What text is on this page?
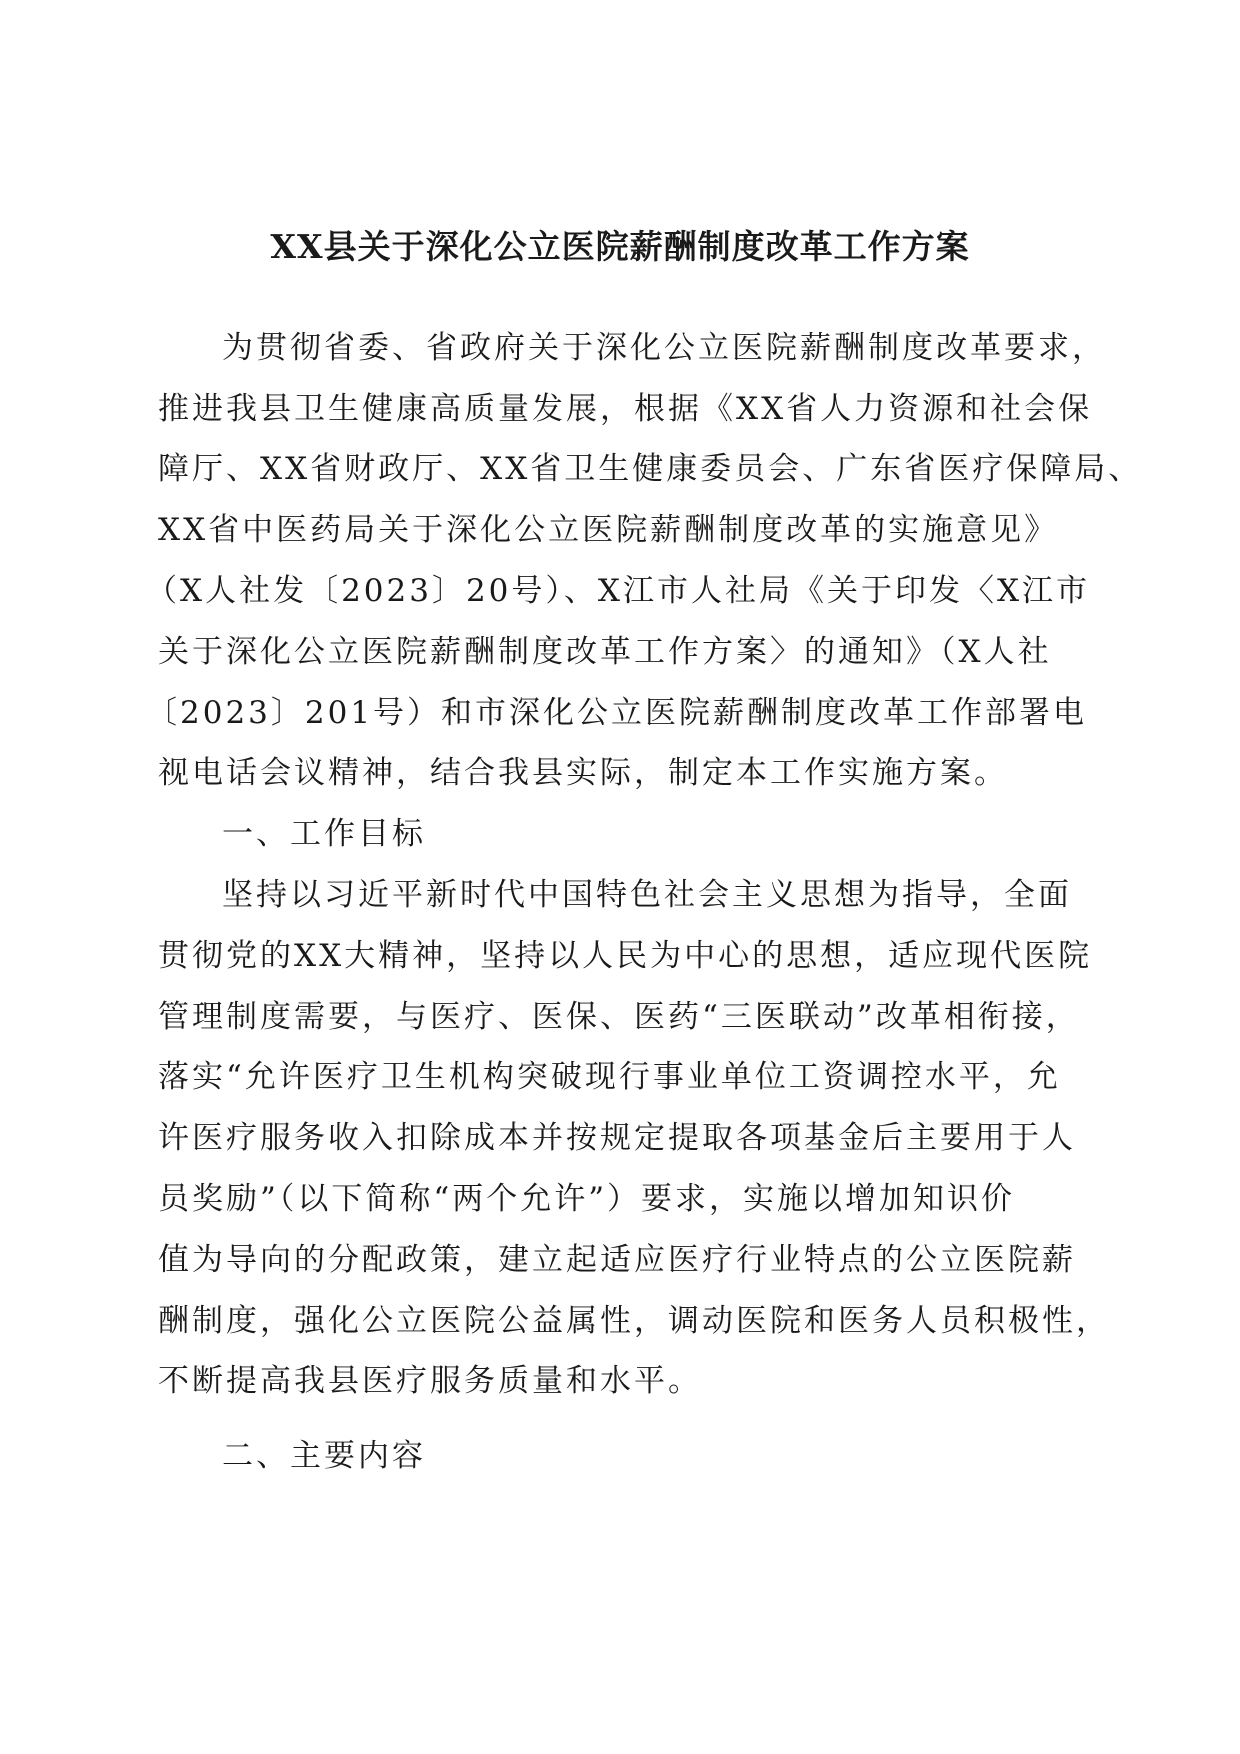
XX县关于深化公立医院薪酬制度改革工作方案
为贯彻省委、省政府关于深化公立医院薪酬制度改革要求，
推进我县卫生健康高质量发展，根据《XX省人力资源和社会保
障厅、XX省财政厅、XX省卫生健康委员会、广东省医疗保障局、
XX省中医药局关于深化公立医院薪酬制度改革的实施意见》
（X人社发〔2023〕20号）、X江市人社局《关于印发〈X江市
关于深化公立医院薪酬制度改革工作方案〉的通知》（X人社
〔2023〕201号）和市深化公立医院薪酬制度改革工作部署电
视电话会议精神，结合我县实际，制定本工作实施方案。
一、工作目标
坚持以习近平新时代中国特色社会主义思想为指导，全面
贯彻党的XX大精神，坚持以人民为中心的思想，适应现代医院
管理制度需要，与医疗、医保、医药“三医联动”改革相衔接，
落实“允许医疗卫生机构突破现行事业单位工资调控水平，允
许医疗服务收入扣除成本并按规定提取各项基金后主要用于人
员奖励”（以下简称“两个允许”）要求，实施以增加知识价
值为导向的分配政策，建立起适应医疗行业特点的公立医院薪
酬制度，强化公立医院公益属性，调动医院和医务人员积极性，
不断提高我县医疗服务质量和水平。
二、主要内容
